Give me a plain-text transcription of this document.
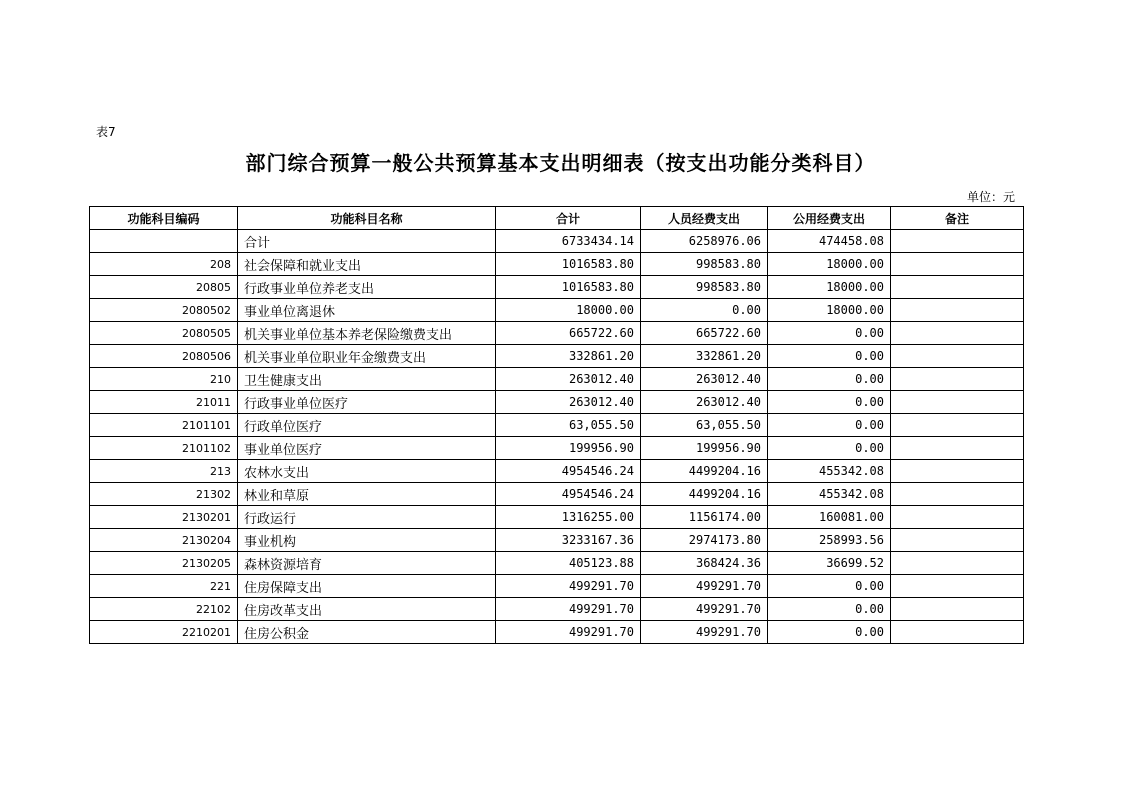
表7
部门综合预算一般公共预算基本支出明细表（按支出功能分类科目）
单位：元
功能科目编码	功能科目名称	合计	人员经费支出	公用经费支出	备注
	合计	6733434.14	6258976.06	474458.08	
208	社会保障和就业支出	1016583.80	998583.80	18000.00	
20805	行政事业单位养老支出	1016583.80	998583.80	18000.00	
2080502	事业单位离退休	18000.00	0.00	18000.00	
2080505	机关事业单位基本养老保险缴费支出	665722.60	665722.60	0.00	
2080506	机关事业单位职业年金缴费支出	332861.20	332861.20	0.00	
210	卫生健康支出	263012.40	263012.40	0.00	
21011	行政事业单位医疗	263012.40	263012.40	0.00	
2101101	行政单位医疗	63,055.50	63,055.50	0.00	
2101102	事业单位医疗	199956.90	199956.90	0.00	
213	农林水支出	4954546.24	4499204.16	455342.08	
21302	林业和草原	4954546.24	4499204.16	455342.08	
2130201	行政运行	1316255.00	1156174.00	160081.00	
2130204	事业机构	3233167.36	2974173.80	258993.56	
2130205	森林资源培育	405123.88	368424.36	36699.52	
221	住房保障支出	499291.70	499291.70	0.00	
22102	住房改革支出	499291.70	499291.70	0.00	
2210201	住房公积金	499291.70	499291.70	0.00	
